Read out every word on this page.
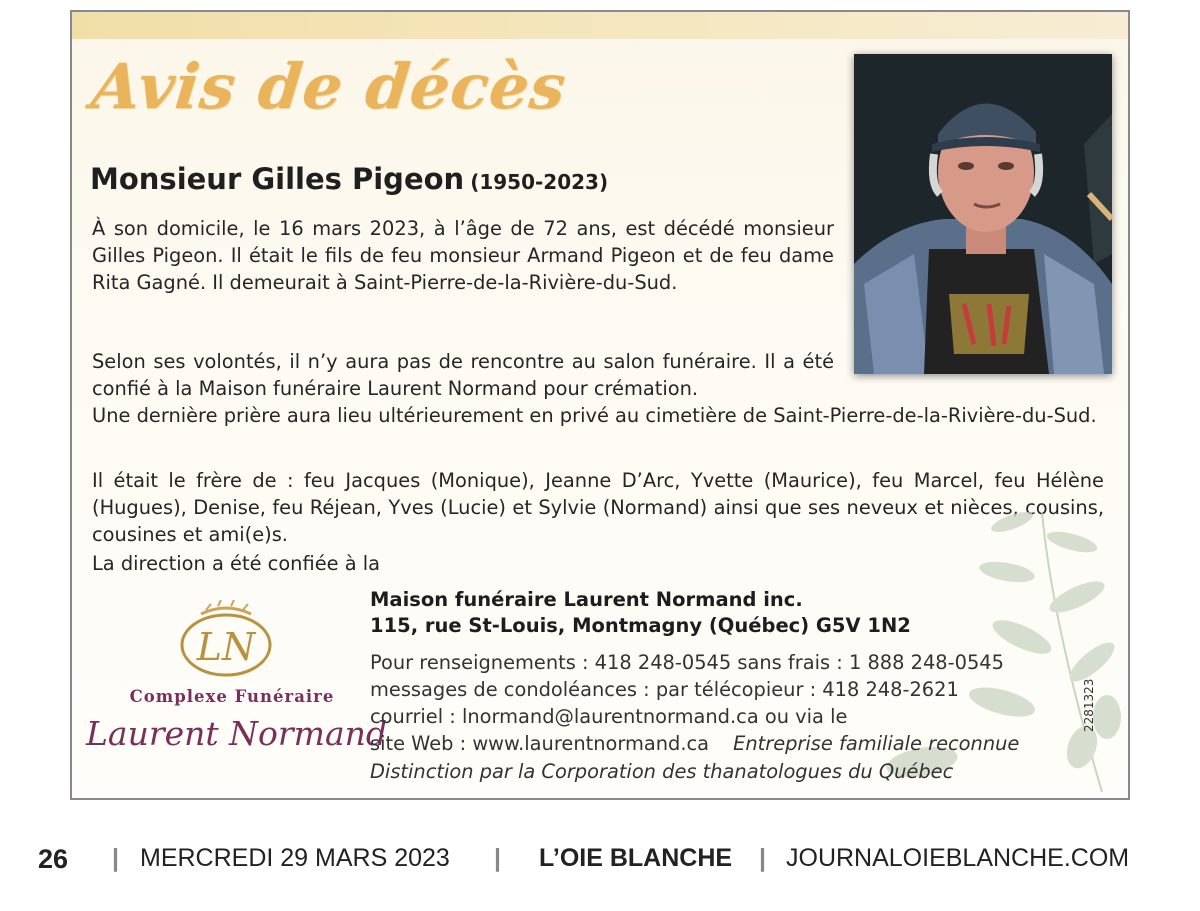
Avis de décès
Monsieur Gilles Pigeon (1950-2023)

À son domicile, le 16 mars 2023, à l’âge de 72 ans, est décédé monsieur Gilles Pigeon. Il était le fils de feu monsieur Armand Pigeon et de feu dame Rita Gagné. Il demeurait à Saint-Pierre-de-la-Rivière-du-Sud.

Selon ses volontés, il n’y aura pas de rencontre au salon funéraire. Il a été confié à la Maison funéraire Laurent Normand pour crémation.

Une dernière prière aura lieu ultérieurement en privé au cimetière de Saint-Pierre-de-la-Rivière-du-Sud.

Il était le frère de : feu Jacques (Monique), Jeanne D’Arc, Yvette (Maurice), feu Marcel, feu Hélène (Hugues), Denise, feu Réjean, Yves (Lucie) et Sylvie (Normand) ainsi que ses neveux et nièces, cousins, cousines et ami(e)s.

La direction a été confiée à la

LN
Complexe Funéraire
Laurent Normand
Maison funéraire Laurent Normand inc.
115, rue St-Louis, Montmagny (Québec) G5V 1N2
Pour renseignements : 418 248-0545 sans frais : 1 888 248-0545
messages de condoléances : par télécopieur : 418 248-2621
courriel : lnormand@laurentnormand.ca ou via le
site Web : www.laurentnormand.ca Entreprise familiale reconnue
Distinction par la Corporation des thanatologues du Québec
2281323
26 | MERCREDI 29 MARS 2023 | L’OIE BLANCHE | JOURNALOIEBLANCHE.COM
